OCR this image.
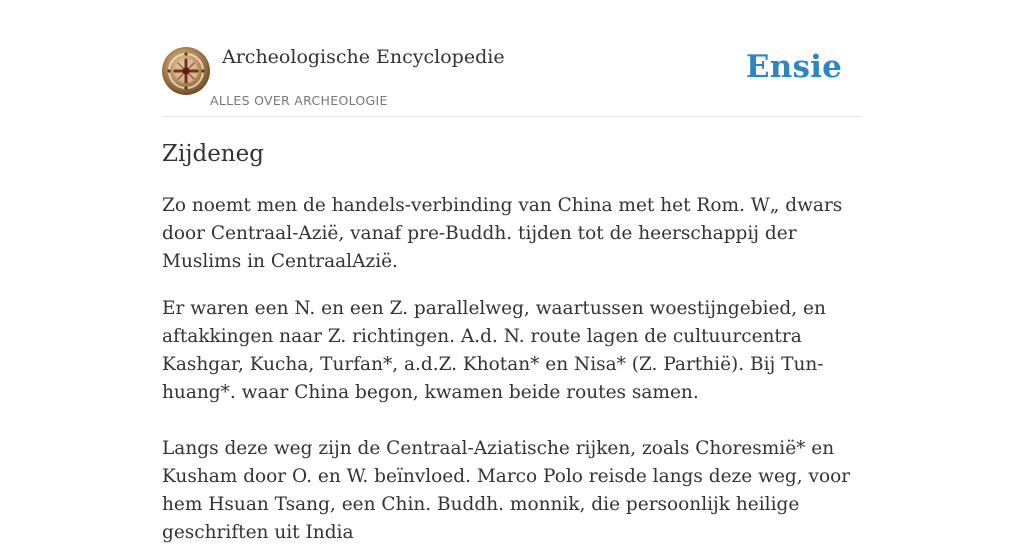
Archeologische Encyclopedie
ALLES OVER ARCHEOLOGIE
Ensie
Zijdeneg

Zo noemt men de handels-verbinding van China met het Rom. W„ dwars door Centraal-Azië, vanaf pre-Buddh. tijden tot de heerschappij der Muslims in CentraalAzië.

Er waren een N. en een Z. parallelweg, waartussen woestijngebied, en aftakkingen naar Z. richtingen. A.d. N. route lagen de cultuurcentra Kashgar, Kucha, Turfan*, a.d.Z. Khotan* en Nisa* (Z. Parthië). Bij Tun-huang*. waar China begon, kwamen beide routes samen.

Langs deze weg zijn de Centraal-Aziatische rijken, zoals Choresmië* en Kusham door O. en W. beïnvloed. Marco Polo reisde langs deze weg, voor hem Hsuan Tsang, een Chin. Buddh. monnik, die persoonlijk heilige geschriften uit India
